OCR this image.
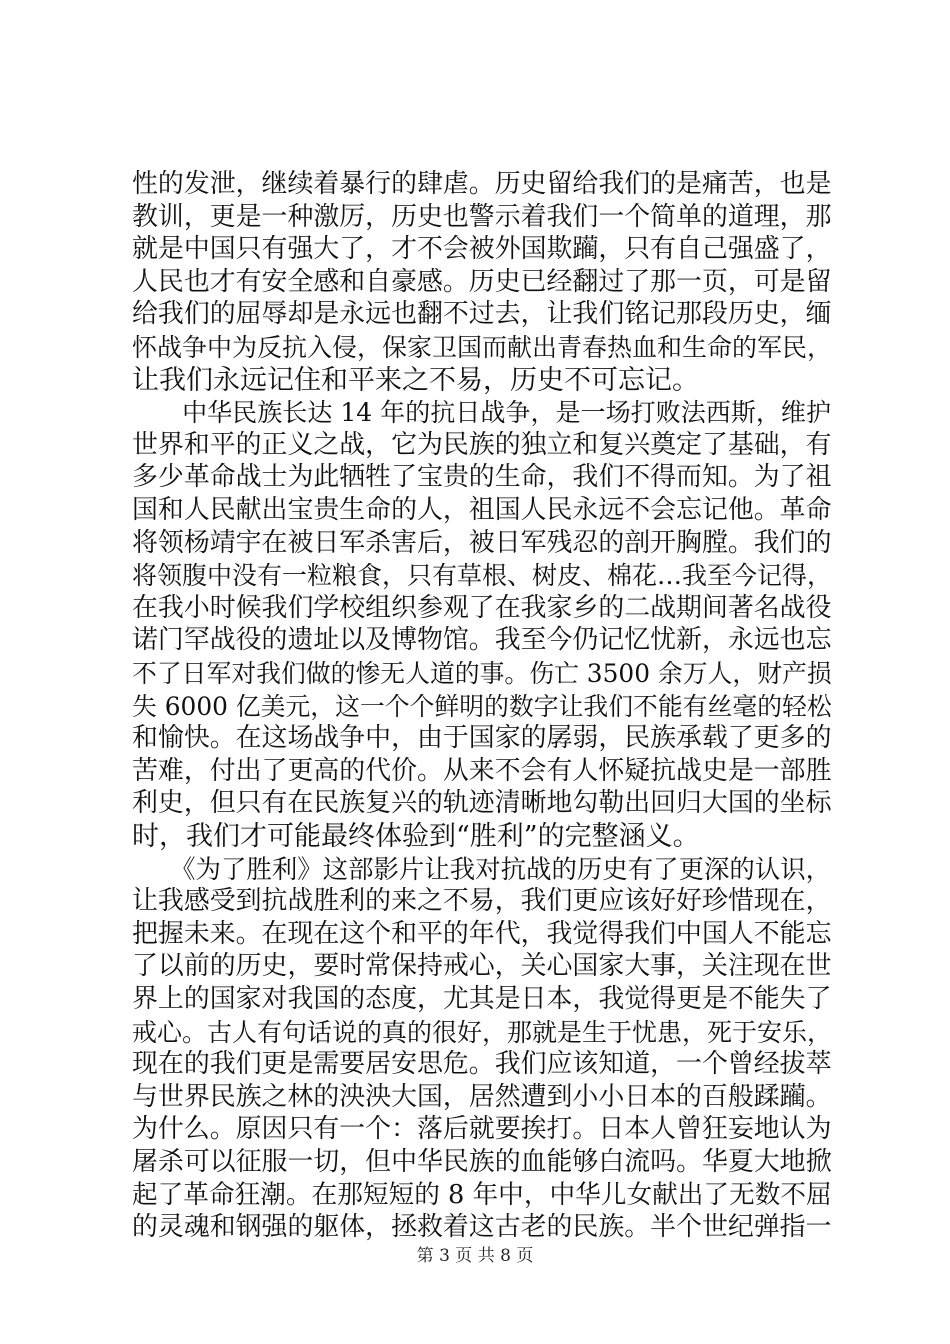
性的发泄，继续着暴行的肆虐。历史留给我们的是痛苦，也是
教训，更是一种激厉，历史也警示着我们一个简单的道理，那
就是中国只有强大了，才不会被外国欺躏，只有自己强盛了，
人民也才有安全感和自豪感。历史已经翻过了那一页，可是留
给我们的屈辱却是永远也翻不过去，让我们铭记那段历史，缅
怀战争中为反抗入侵，保家卫国而献出青春热血和生命的军民，
让我们永远记住和平来之不易，历史不可忘记。
　　中华民族长达 14 年的抗日战争，是一场打败法西斯，维护
世界和平的正义之战，它为民族的独立和复兴奠定了基础，有
多少革命战士为此牺牲了宝贵的生命，我们不得而知。为了祖
国和人民献出宝贵生命的人，祖国人民永远不会忘记他。革命
将领杨靖宇在被日军杀害后，被日军残忍的剖开胸膛。我们的
将领腹中没有一粒粮食，只有草根、树皮、棉花…我至今记得，
在我小时候我们学校组织参观了在我家乡的二战期间著名战役
诺门罕战役的遗址以及博物馆。我至今仍记忆忧新，永远也忘
不了日军对我们做的惨无人道的事。伤亡 3500 余万人，财产损
失 6000 亿美元，这一个个鲜明的数字让我们不能有丝毫的轻松
和愉快。在这场战争中，由于国家的孱弱，民族承载了更多的
苦难，付出了更高的代价。从来不会有人怀疑抗战史是一部胜
利史，但只有在民族复兴的轨迹清晰地勾勒出回归大国的坐标
时，我们才可能最终体验到“胜利”的完整涵义。
　　《为了胜利》这部影片让我对抗战的历史有了更深的认识，
让我感受到抗战胜利的来之不易，我们更应该好好珍惜现在，
把握未来。在现在这个和平的年代，我觉得我们中国人不能忘
了以前的历史，要时常保持戒心，关心国家大事，关注现在世
界上的国家对我国的态度，尤其是日本，我觉得更是不能失了
戒心。古人有句话说的真的很好，那就是生于忧患，死于安乐，
现在的我们更是需要居安思危。我们应该知道，一个曾经拔萃
与世界民族之林的泱泱大国，居然遭到小小日本的百般蹂躏。
为什么。原因只有一个：落后就要挨打。日本人曾狂妄地认为
屠杀可以征服一切，但中华民族的血能够白流吗。华夏大地掀
起了革命狂潮。在那短短的 8 年中，中华儿女献出了无数不屈
的灵魂和钢强的躯体，拯救着这古老的民族。半个世纪弹指一
第 3 页 共 8 页
